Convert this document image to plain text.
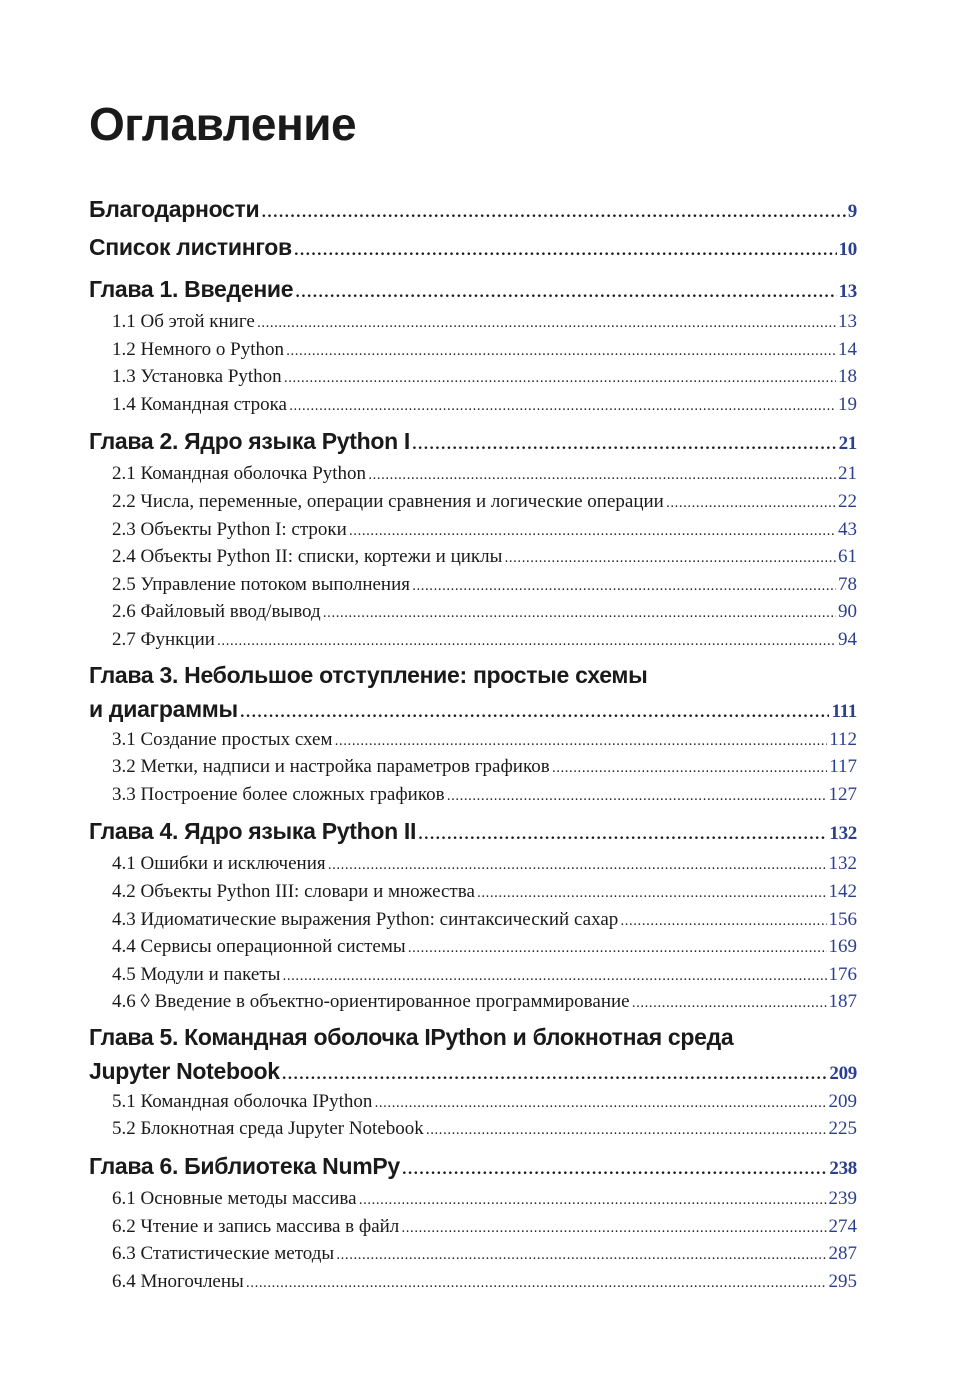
Оглавление
Благодарности . . .	9
Список листингов . . .	10
Глава 1. Введение . . .	13
1.1 Об этой книге . . .	13
1.2 Немного о Python . . .	14
1.3 Установка Python . . .	18
1.4 Командная строка . . .	19
Глава 2. Ядро языка Python I . . .	21
2.1 Командная оболочка Python . . .	21
2.2 Числа, переменные, операции сравнения и логические операции . . .	22
2.3 Объекты Python I: строки . . .	43
2.4 Объекты Python II: списки, кортежи и циклы . . .	61
2.5 Управление потоком выполнения . . .	78
2.6 Файловый ввод/вывод . . .	90
2.7 Функции . . .	94
Глава 3. Небольшое отступление: простые схемы
и диаграммы . . .	111
3.1 Создание простых схем . . .	112
3.2 Метки, надписи и настройка параметров графиков . . .	117
3.3 Построение более сложных графиков . . .	127
Глава 4. Ядро языка Python II . . .	132
4.1 Ошибки и исключения . . .	132
4.2 Объекты Python III: словари и множества . . .	142
4.3 Идиоматические выражения Python: синтаксический сахар . . .	156
4.4 Сервисы операционной системы . . .	169
4.5 Модули и пакеты . . .	176
4.6 ◊ Введение в объектно-ориентированное программирование . . .	187
Глава 5. Командная оболочка IPython и блокнотная среда
Jupyter Notebook . . .	209
5.1 Командная оболочка IPython . . .	209
5.2 Блокнотная среда Jupyter Notebook . . .	225
Глава 6. Библиотека NumPy . . .	238
6.1 Основные методы массива . . .	239
6.2 Чтение и запись массива в файл . . .	274
6.3 Статистические методы . . .	287
6.4 Многочлены . . .	295
